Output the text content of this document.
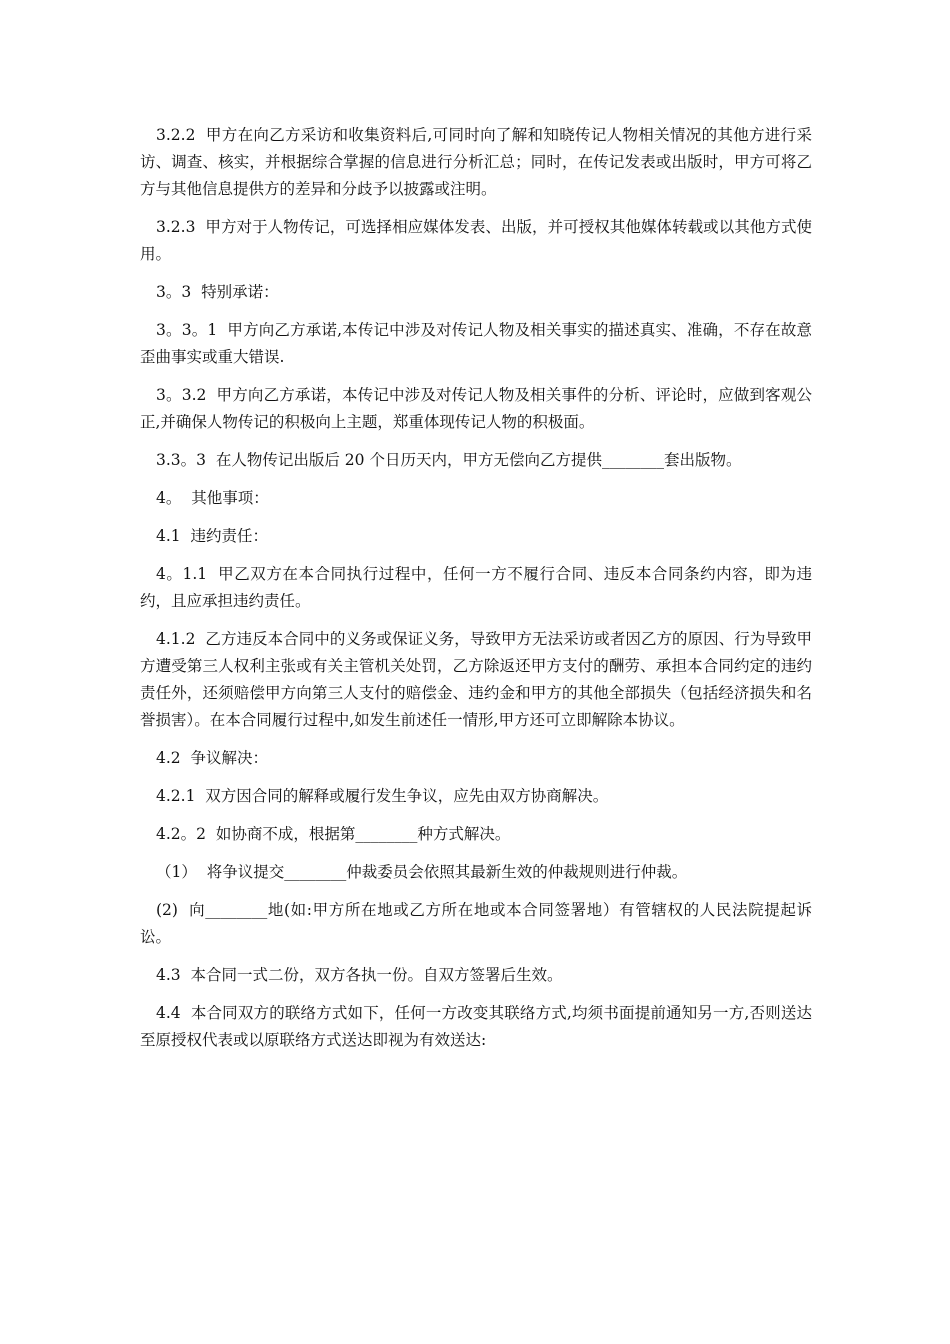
3.2.2  甲方在向乙方采访和收集资料后,可同时向了解和知晓传记人物相关情况的其他方进行采访、调查、核实，并根据综合掌握的信息进行分析汇总；同时，在传记发表或出版时，甲方可将乙方与其他信息提供方的差异和分歧予以披露或注明。

3.2.3  甲方对于人物传记，可选择相应媒体发表、出版，并可授权其他媒体转载或以其他方式使用。

3。3  特别承诺：

3。3。1  甲方向乙方承诺,本传记中涉及对传记人物及相关事实的描述真实、准确，不存在故意歪曲事实或重大错误.

3。3.2  甲方向乙方承诺，本传记中涉及对传记人物及相关事件的分析、评论时，应做到客观公正,并确保人物传记的积极向上主题，郑重体现传记人物的积极面。

3.3。3  在人物传记出版后 20 个日历天内，甲方无偿向乙方提供________套出版物。

4。  其他事项：

4.1  违约责任：

4。1.1  甲乙双方在本合同执行过程中，任何一方不履行合同、违反本合同条约内容，即为违约，且应承担违约责任。

4.1.2  乙方违反本合同中的义务或保证义务，导致甲方无法采访或者因乙方的原因、行为导致甲方遭受第三人权利主张或有关主管机关处罚，乙方除返还甲方支付的酬劳、承担本合同约定的违约责任外，还须赔偿甲方向第三人支付的赔偿金、违约金和甲方的其他全部损失（包括经济损失和名誉损害）。在本合同履行过程中,如发生前述任一情形,甲方还可立即解除本协议。

4.2  争议解决：

4.2.1  双方因合同的解释或履行发生争议，应先由双方协商解决。

4.2。2  如协商不成，根据第________种方式解决。

（1）  将争议提交________仲裁委员会依照其最新生效的仲裁规则进行仲裁。

(2)  向________地(如:甲方所在地或乙方所在地或本合同签署地）有管辖权的人民法院提起诉讼。

4.3  本合同一式二份，双方各执一份。自双方签署后生效。

4.4  本合同双方的联络方式如下，任何一方改变其联络方式,均须书面提前通知另一方,否则送达至原授权代表或以原联络方式送达即视为有效送达:
